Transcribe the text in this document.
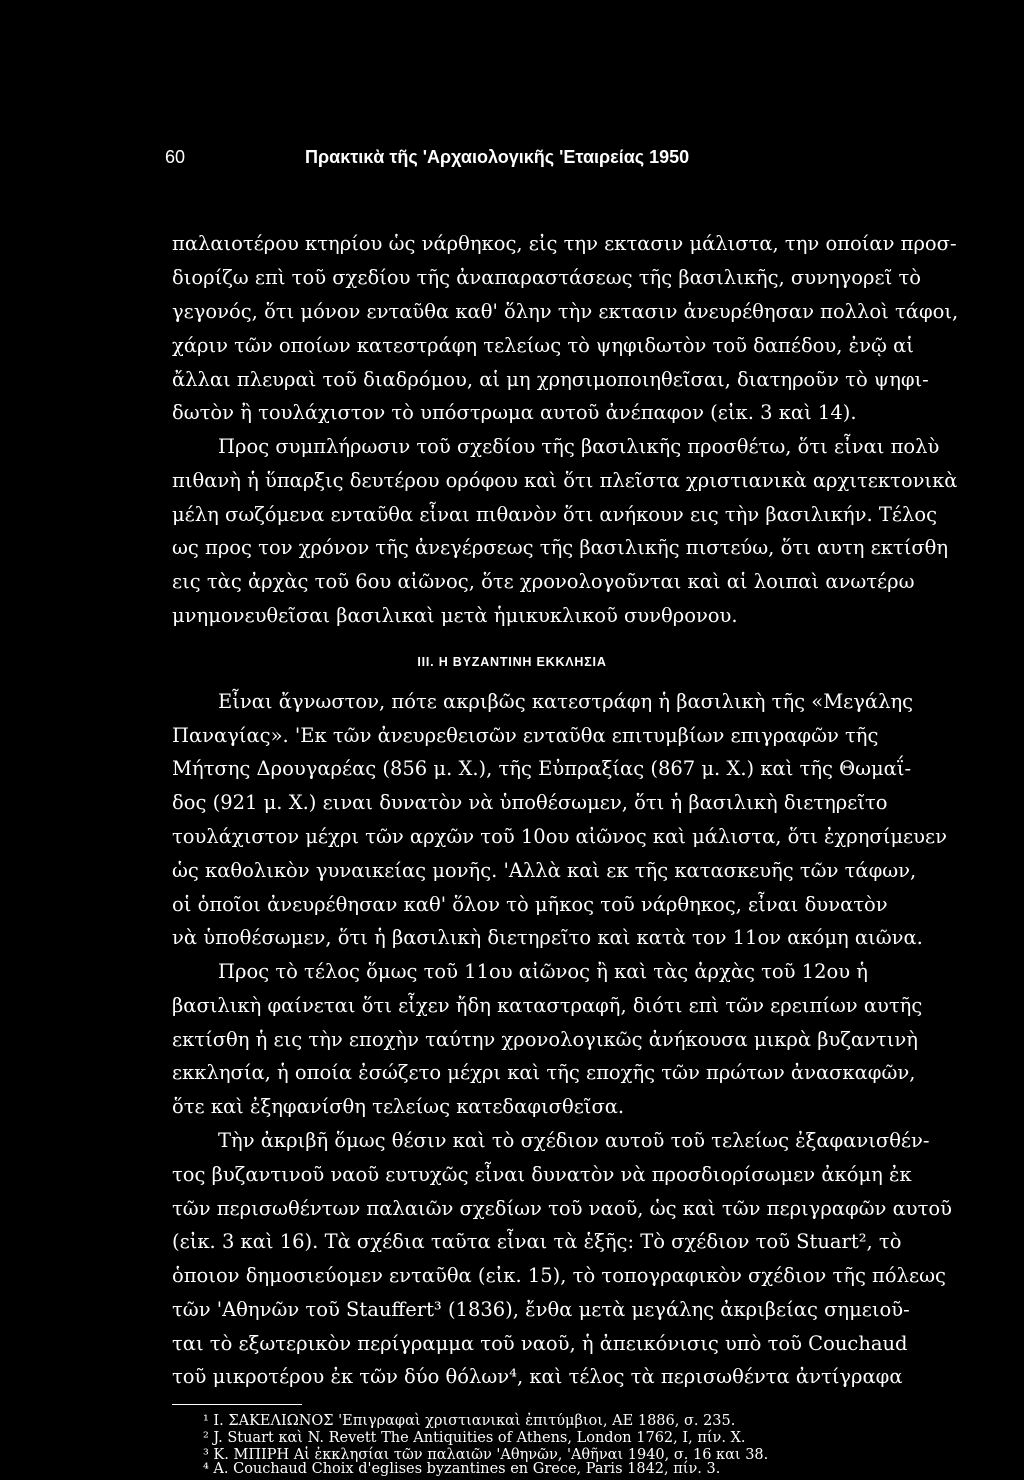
60	Πρακτικὰ τῆς 'Αρχαιολογικῆς 'Εταιρείας 1950
παλαιοτέρου κτηρίου ὡς νάρθηκος, εἰς την εκτασιν μάλιστα, την οποίαν προσ-
διορίζω επὶ τοῦ σχεδίου τῆς ἀναπαραστάσεως τῆς βασιλικῆς, συνηγορεῖ τὸ
γεγονός, ὅτι μόνον ενταῦθα καθ' ὅλην τὴν εκτασιν ἀνευρέθησαν πολλοὶ τάφοι,
χάριν τῶν οποίων κατεστράφη τελείως τὸ ψηφιδωτὸν τοῦ δαπέδου, ἐνῷ αἱ
ἄλλαι πλευραὶ τοῦ διαδρόμου, αἱ μη χρησιμοποιηθεῖσαι, διατηροῦν τὸ ψηφι-
δωτὸν ἢ τουλάχιστον τὸ υπόστρωμα αυτοῦ ἀνέπαφον (εἰκ. 3 καὶ 14).
Προς συμπλήρωσιν τοῦ σχεδίου τῆς βασιλικῆς προσθέτω, ὅτι εἶναι πολὺ
πιθανὴ ἡ ὕπαρξις δευτέρου ορόφου καὶ ὅτι πλεῖστα χριστιανικὰ αρχιτεκτονικὰ
μέλη σωζόμενα ενταῦθα εἶναι πιθανὸν ὅτι ανήκουν εις τὴν βασιλικήν. Τέλος
ως προς τον χρόνον τῆς ἀνεγέρσεως τῆς βασιλικῆς πιστεύω, ὅτι αυτη εκτίσθη
εις τὰς ἀρχὰς τοῦ 6ου αἰῶνος, ὅτε χρονολογοῦνται καὶ αἱ λοιπαὶ ανωτέρω
μνημονευθεῖσαι βασιλικαὶ μετὰ ἡμικυκλικοῦ συνθρονου.
III. Η ΒΥΖΑΝΤΙΝΗ ΕΚΚΛΗΣΙΑ
Εἶναι ἄγνωστον, πότε ακριβῶς κατεστράφη ἡ βασιλικὴ τῆς «Μεγάλης
Παναγίας». 'Εκ τῶν ἀνευρεθεισῶν ενταῦθα επιτυμβίων επιγραφῶν τῆς
Μήτσης Δρουγαρέας (856 μ. Χ.), τῆς Εὐπραξίας (867 μ. Χ.) καὶ τῆς Θωμαΐ-
δος (921 μ. Χ.) ειναι δυνατὸν νὰ ὑποθέσωμεν, ὅτι ἡ βασιλικὴ διετηρεῖτο
τουλάχιστον μέχρι τῶν αρχῶν τοῦ 10ου αἰῶνος καὶ μάλιστα, ὅτι ἐχρησίμευεν
ὡς καθολικὸν γυναικείας μονῆς. 'Αλλὰ καὶ εκ τῆς κατασκευῆς τῶν τάφων,
οἱ ὁποῖοι ἀνευρέθησαν καθ' ὅλον τὸ μῆκος τοῦ νάρθηκος, εἶναι δυνατὸν
νὰ ὑποθέσωμεν, ὅτι ἡ βασιλικὴ διετηρεῖτο καὶ κατὰ τον 11ον ακόμη αιῶνα.
Προς τὸ τέλος ὅμως τοῦ 11ου αἰῶνος ἢ καὶ τὰς ἀρχὰς τοῦ 12ου ἡ
βασιλικὴ φαίνεται ὅτι εἶχεν ἤδη καταστραφῆ, διότι επὶ τῶν ερειπίων αυτῆς
εκτίσθη ἡ εις τὴν εποχὴν ταύτην χρονολογικῶς ἀνήκουσα μικρὰ βυζαντινὴ
εκκλησία, ἡ οποία ἐσώζετο μέχρι καὶ τῆς εποχῆς τῶν πρώτων ἀνασκαφῶν,
ὅτε καὶ ἐξηφανίσθη τελείως κατεδαφισθεῖσα.
Τὴν ἀκριβῆ ὅμως θέσιν καὶ τὸ σχέδιον αυτοῦ τοῦ τελείως ἐξαφανισθέν-
τος βυζαντινοῦ ναοῦ ευτυχῶς εἶναι δυνατὸν νὰ προσδιορίσωμεν ἀκόμη ἐκ
τῶν περισωθέντων παλαιῶν σχεδίων τοῦ ναοῦ, ὡς καὶ τῶν περιγραφῶν αυτοῦ
(εἰκ. 3 καὶ 16). Τὰ σχέδια ταῦτα εἶναι τὰ ἑξῆς: Τὸ σχέδιον τοῦ Stuart², τὸ
ὁποιον δημοσιεύομεν ενταῦθα (εἰκ. 15), τὸ τοπογραφικὸν σχέδιον τῆς πόλεως
τῶν 'Αθηνῶν τοῦ Stauffert³ (1836), ἔνθα μετὰ μεγάλης ἀκριβείας σημειοῦ-
ται τὸ εξωτερικὸν περίγραμμα τοῦ ναοῦ, ἡ ἀπεικόνισις υπὸ τοῦ Couchaud
τοῦ μικροτέρου ἐκ τῶν δύο θόλων⁴, καὶ τέλος τὰ περισωθέντα ἀντίγραφα
¹ Ι. ΣΑΚΕΛΙΩΝΟΣ 'Επιγραφαὶ χριστιανικαὶ ἐπιτύμβιοι, ΑΕ 1886, σ. 235.
² J. Stuart καὶ N. Revett The Antiquities of Athens, London 1762, I, πίν. X.
³ Κ. ΜΠΙΡΗ Αἱ ἐκκλησίαι τῶν παλαιῶν 'Αθηνῶν, 'Αθῆναι 1940, σ. 16 και 38.
⁴ A. Couchaud Choix d'eglises byzantines en Grece, Paris 1842, πίν. 3.
